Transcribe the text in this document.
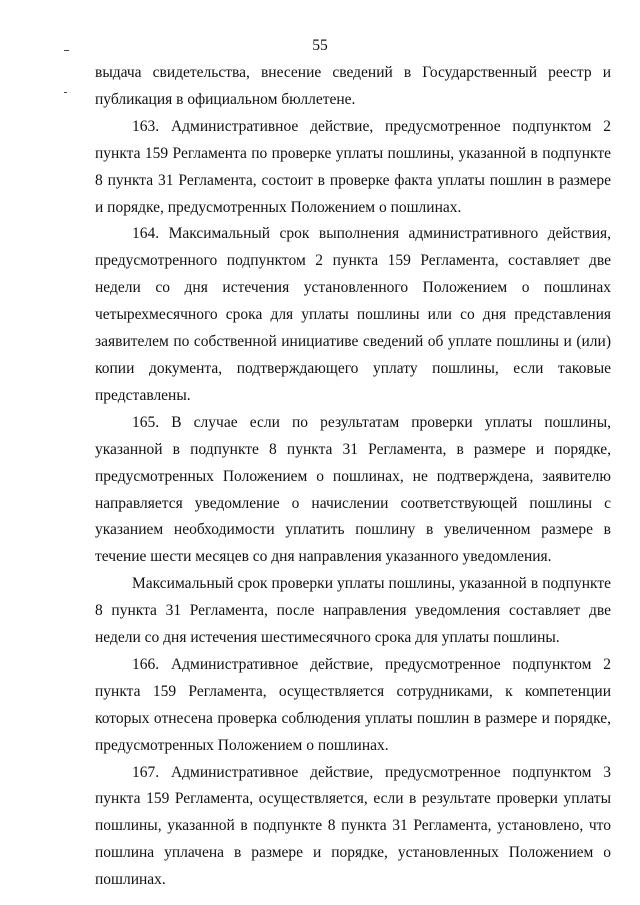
55

выдача свидетельства, внесение сведений в Государственный реестр и публикация в официальном бюллетене.

163. Административное действие, предусмотренное подпунктом 2 пункта 159 Регламента по проверке уплаты пошлины, указанной в подпункте 8 пункта 31 Регламента, состоит в проверке факта уплаты пошлин в размере и порядке, предусмотренных Положением о пошлинах.

164. Максимальный срок выполнения административного действия, предусмотренного подпунктом 2 пункта 159 Регламента, составляет две недели со дня истечения установленного Положением о пошлинах четырехмесячного срока для уплаты пошлины или со дня представления заявителем по собственной инициативе сведений об уплате пошлины и (или) копии документа, подтверждающего уплату пошлины, если таковые представлены.

165. В случае если по результатам проверки уплаты пошлины, указанной в подпункте 8 пункта 31 Регламента, в размере и порядке, предусмотренных Положением о пошлинах, не подтверждена, заявителю направляется уведомление о начислении соответствующей пошлины с указанием необходимости уплатить пошлину в увеличенном размере в течение шести месяцев со дня направления указанного уведомления.

Максимальный срок проверки уплаты пошлины, указанной в подпункте 8 пункта 31 Регламента, после направления уведомления составляет две недели со дня истечения шестимесячного срока для уплаты пошлины.

166. Административное действие, предусмотренное подпунктом 2 пункта 159 Регламента, осуществляется сотрудниками, к компетенции которых отнесена проверка соблюдения уплаты пошлин в размере и порядке, предусмотренных Положением о пошлинах.

167. Административное действие, предусмотренное подпунктом 3 пункта 159 Регламента, осуществляется, если в результате проверки уплаты пошлины, указанной в подпункте 8 пункта 31 Регламента, установлено, что пошлина уплачена в размере и порядке, установленных Положением о пошлинах.
